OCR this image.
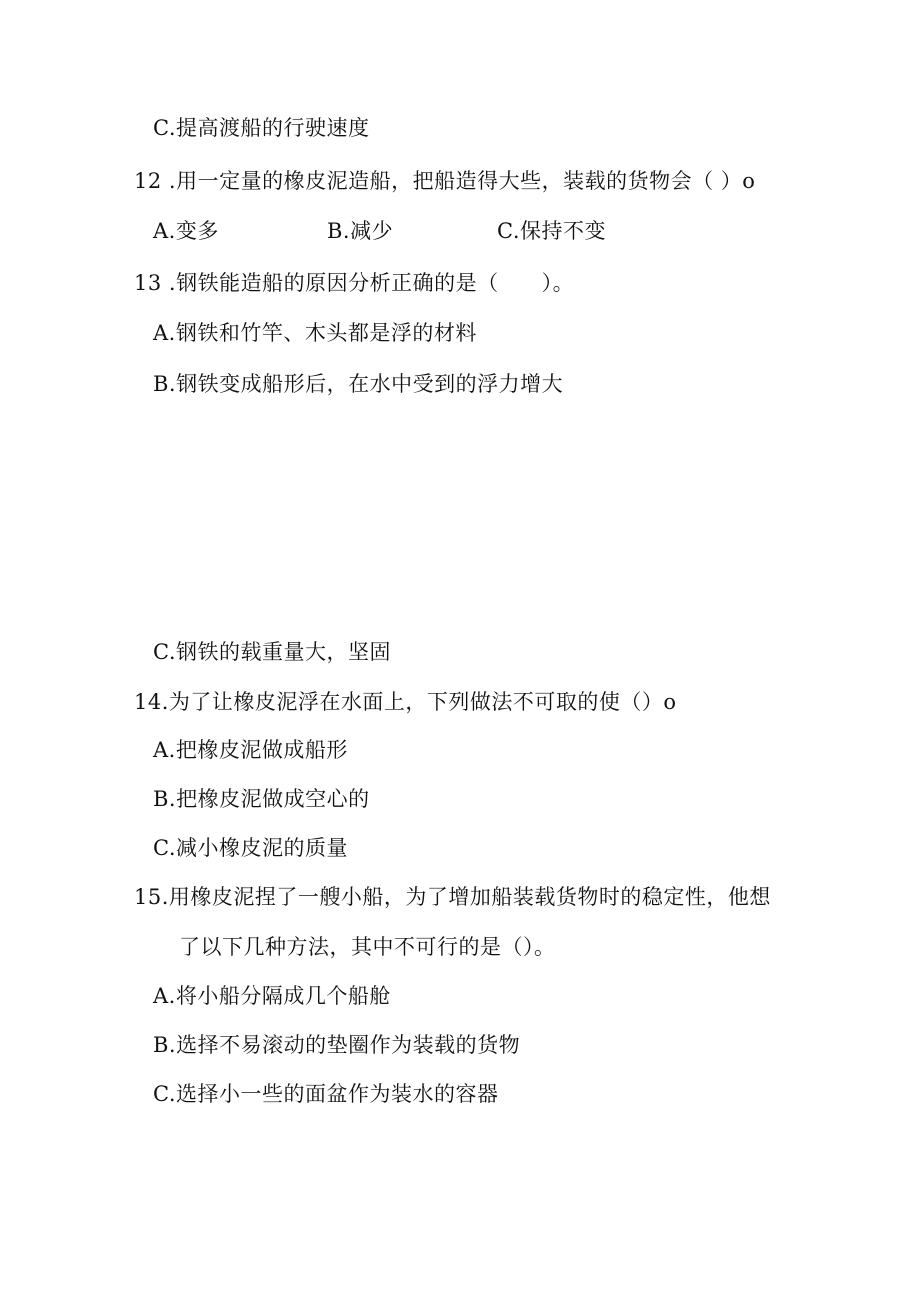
C.提高渡船的行驶速度
12 .用一定量的橡皮泥造船，把船造得大些，装载的货物会（ ）o
A.变多	B.减少	C.保持不变
13 .钢铁能造船的原因分析正确的是（　　）。
A.钢铁和竹竿、木头都是浮的材料
B.钢铁变成船形后，在水中受到的浮力增大
C.钢铁的载重量大，坚固
14.为了让橡皮泥浮在水面上，下列做法不可取的使（）o
A.把橡皮泥做成船形
B.把橡皮泥做成空心的
C.减小橡皮泥的质量
15.用橡皮泥捏了一艘小船，为了增加船装载货物时的稳定性，他想
了以下几种方法，其中不可行的是（）。
A.将小船分隔成几个船舱
B.选择不易滚动的垫圈作为装载的货物
C.选择小一些的面盆作为装水的容器
